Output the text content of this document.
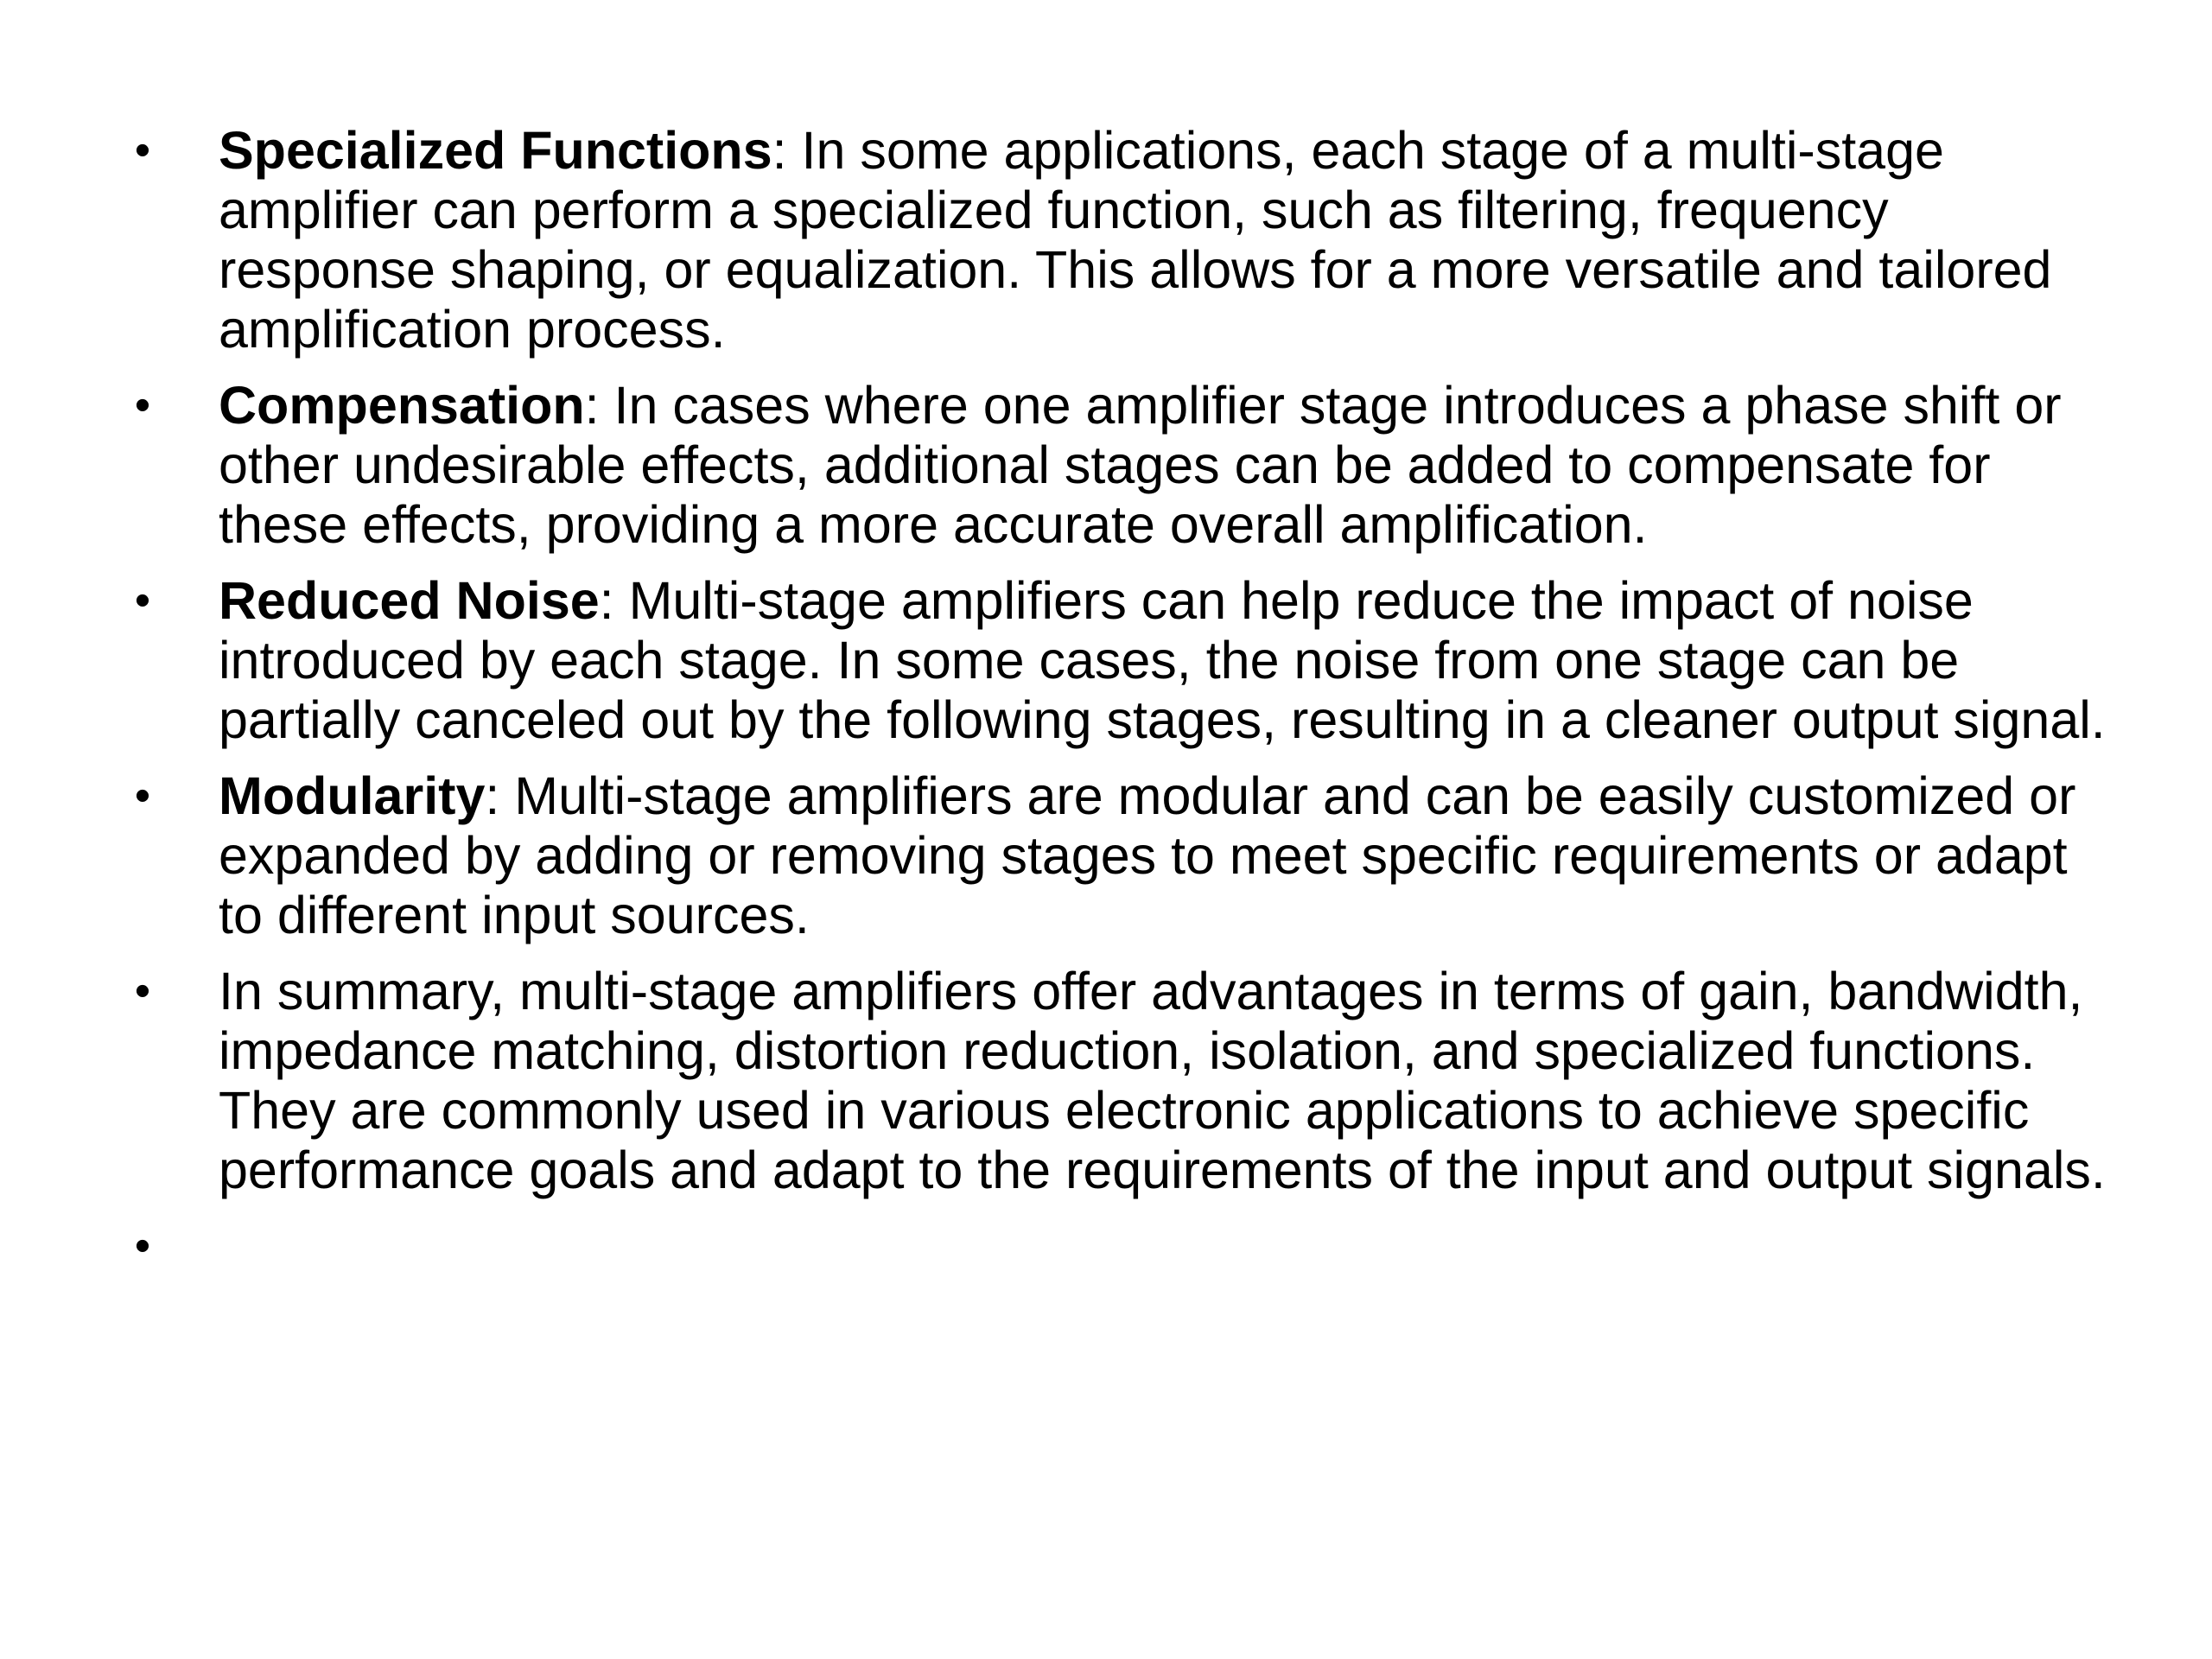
• Specialized Functions: In some applications, each stage of a multi-stage amplifier can perform a specialized function, such as filtering, frequency response shaping, or equalization. This allows for a more versatile and tailored amplification process.
• Compensation: In cases where one amplifier stage introduces a phase shift or other undesirable effects, additional stages can be added to compensate for these effects, providing a more accurate overall amplification.
• Reduced Noise: Multi-stage amplifiers can help reduce the impact of noise introduced by each stage. In some cases, the noise from one stage can be partially canceled out by the following stages, resulting in a cleaner output signal.
• Modularity: Multi-stage amplifiers are modular and can be easily customized or expanded by adding or removing stages to meet specific requirements or adapt to different input sources.
• In summary, multi-stage amplifiers offer advantages in terms of gain, bandwidth, impedance matching, distortion reduction, isolation, and specialized functions. They are commonly used in various electronic applications to achieve specific performance goals and adapt to the requirements of the input and output signals.
•
